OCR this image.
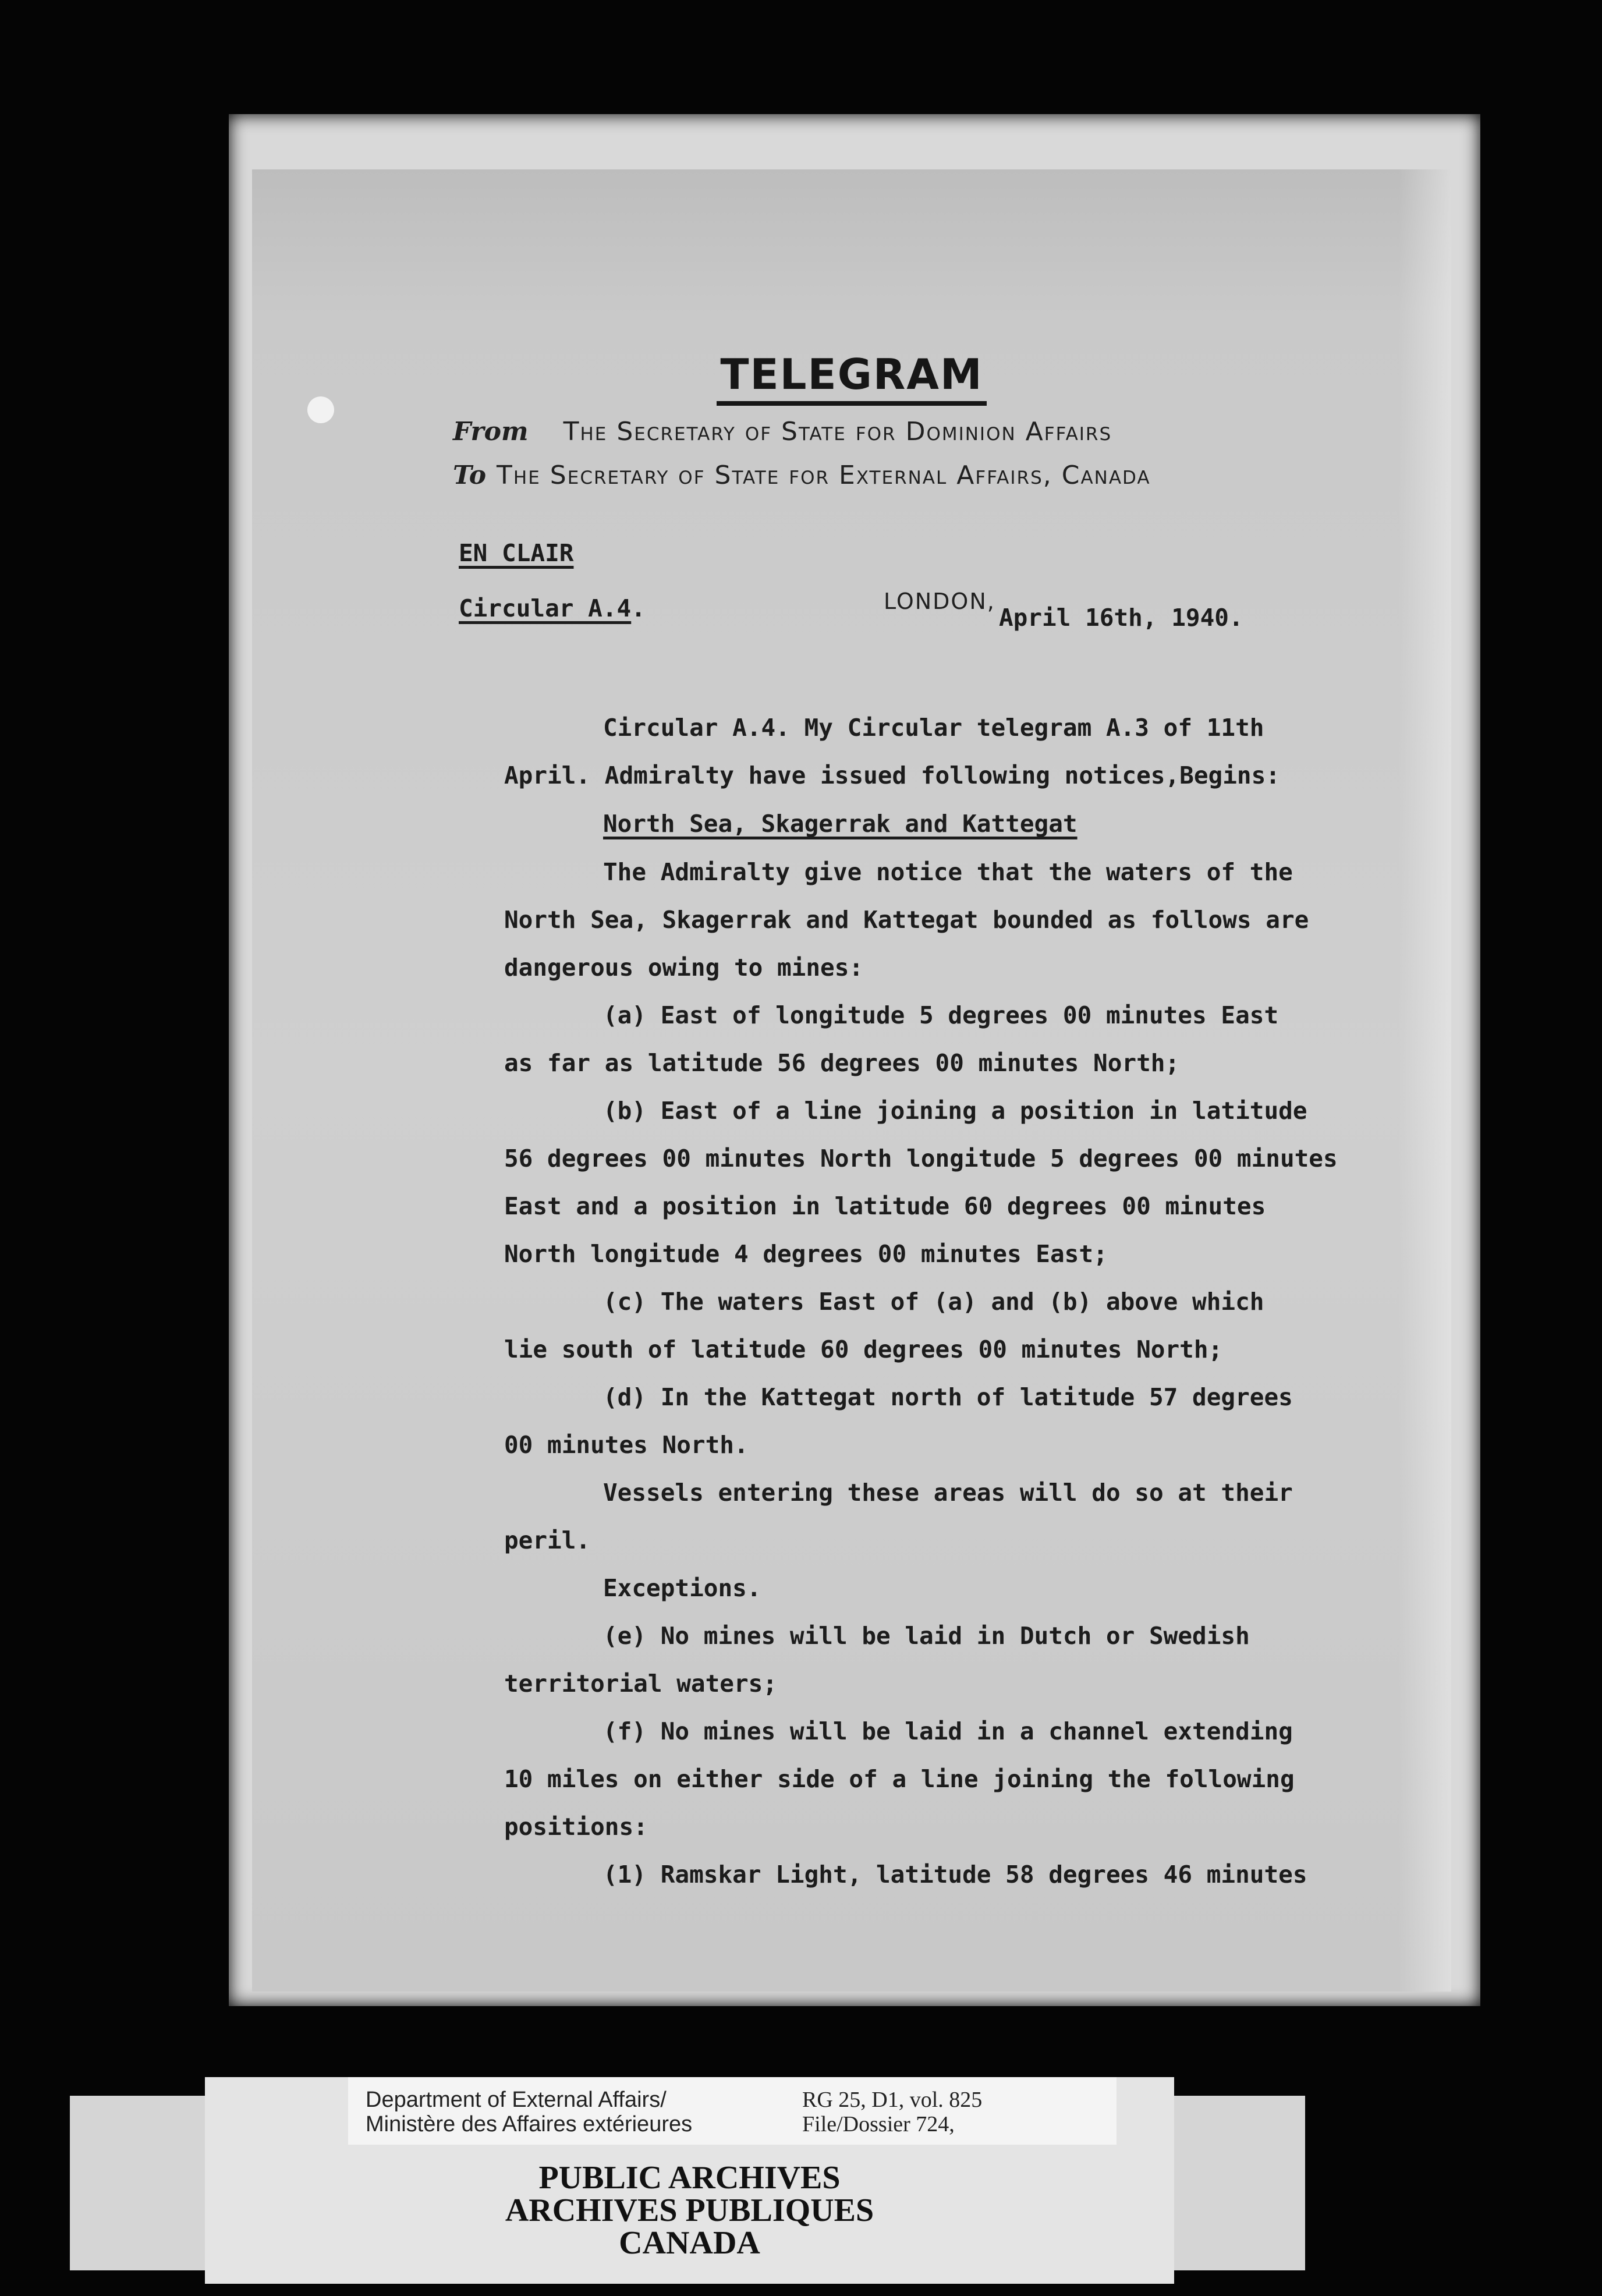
TELEGRAM
From The Secretary of State for Dominion Affairs
To The Secretary of State for External Affairs, Canada
EN CLAIR
Circular A.4.	LONDON,
April 16th, 1940.
Circular A.4. My Circular telegram A.3 of 11th
April. Admiralty have issued following notices,Begins:
North Sea, Skagerrak and Kattegat
The Admiralty give notice that the waters of the
North Sea, Skagerrak and Kattegat bounded as follows are
dangerous owing to mines:
(a) East of longitude 5 degrees 00 minutes East
as far as latitude 56 degrees 00 minutes North;
(b) East of a line joining a position in latitude
56 degrees 00 minutes North longitude 5 degrees 00 minutes
East and a position in latitude 60 degrees 00 minutes
North longitude 4 degrees 00 minutes East;
(c) The waters East of (a) and (b) above which
lie south of latitude 60 degrees 00 minutes North;
(d) In the Kattegat north of latitude 57 degrees
00 minutes North.
Vessels entering these areas will do so at their
peril.
Exceptions.
(e) No mines will be laid in Dutch or Swedish
territorial waters;
(f) No mines will be laid in a channel extending
10 miles on either side of a line joining the following
positions:
(1) Ramskar Light, latitude 58 degrees 46 minutes
Department of External Affairs/
Ministère des Affaires extérieures
RG 25, D1, vol. 825
File/Dossier 724,
PUBLIC ARCHIVES
ARCHIVES PUBLIQUES
CANADA
